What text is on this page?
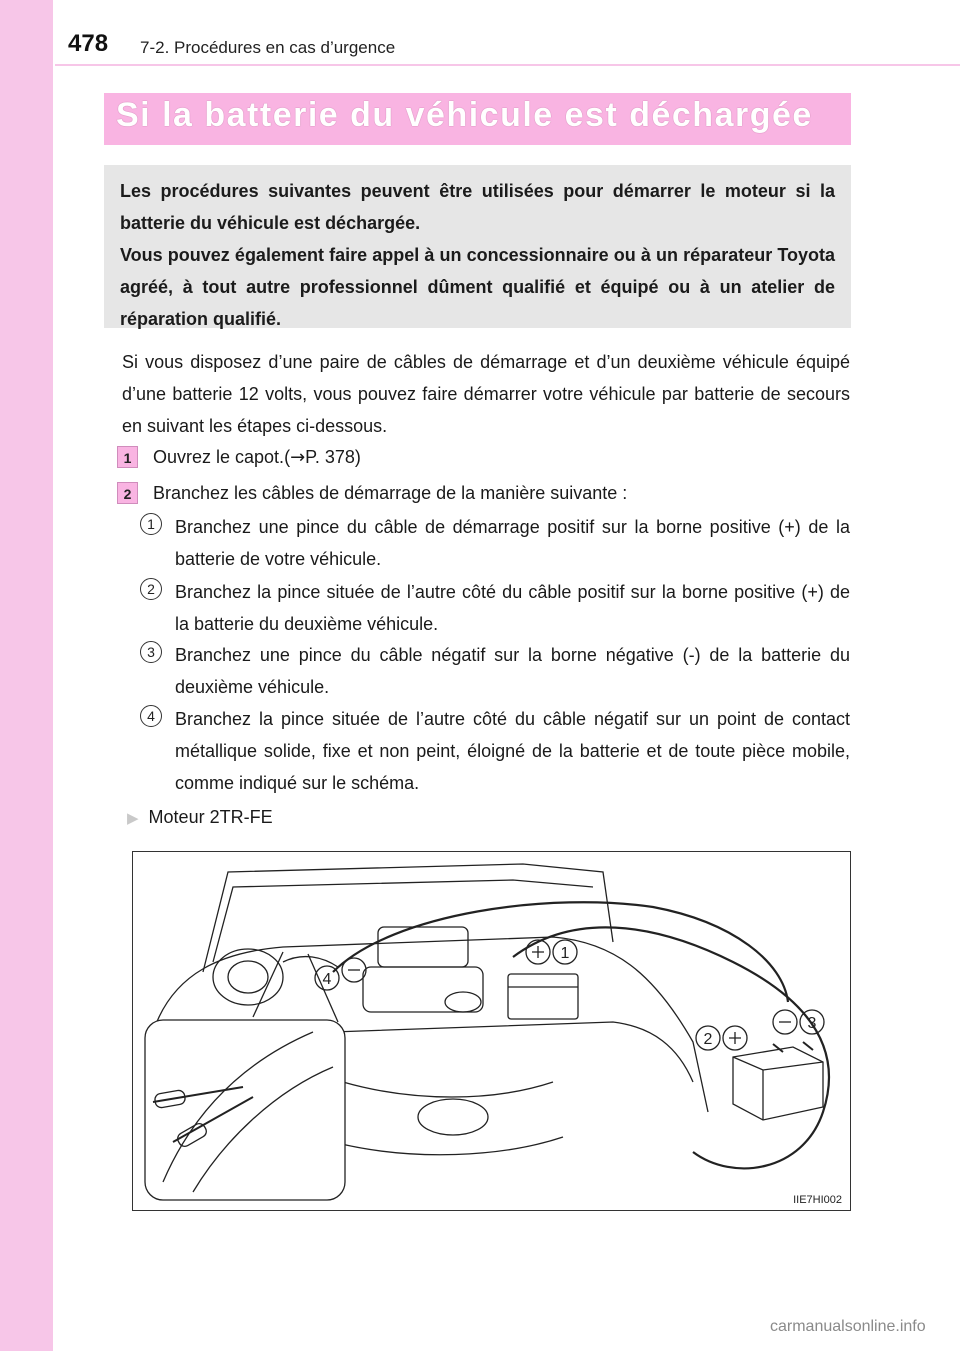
478 7-2. Procédures en cas d’urgence
Si la batterie du véhicule est déchargée

Les procédures suivantes peuvent être utilisées pour démarrer le moteur si la batterie du véhicule est déchargée.

Vous pouvez également faire appel à un concessionnaire ou à un réparateur Toyota agréé, à tout autre professionnel dûment qualifié et équipé ou à un atelier de réparation qualifié.

Si vous disposez d’une paire de câbles de démarrage et d’un deuxième véhicule équipé d’une batterie 12 volts, vous pouvez faire démarrer votre véhicule par batterie de secours en suivant les étapes ci-dessous.

1	Ouvrez le capot.(→P. 378)
2	Branchez les câbles de démarrage de la manière suivante :
1	Branchez une pince du câble de démarrage positif sur la borne positive (+) de la batterie de votre véhicule.
2	Branchez la pince située de l’autre côté du câble positif sur la borne positive (+) de la batterie du deuxième véhicule.
3	Branchez une pince du câble négatif sur la borne négative (-) de la batterie du deuxième véhicule.
4	Branchez la pince située de l’autre côté du câble négatif sur un point de contact métallique solide, fixe et non peint, éloigné de la batterie et de toute pièce mobile, comme indiqué sur le schéma.
▶ Moteur 2TR-FE
1
2
3
4
IIE7HI002
carmanualsonline.info
